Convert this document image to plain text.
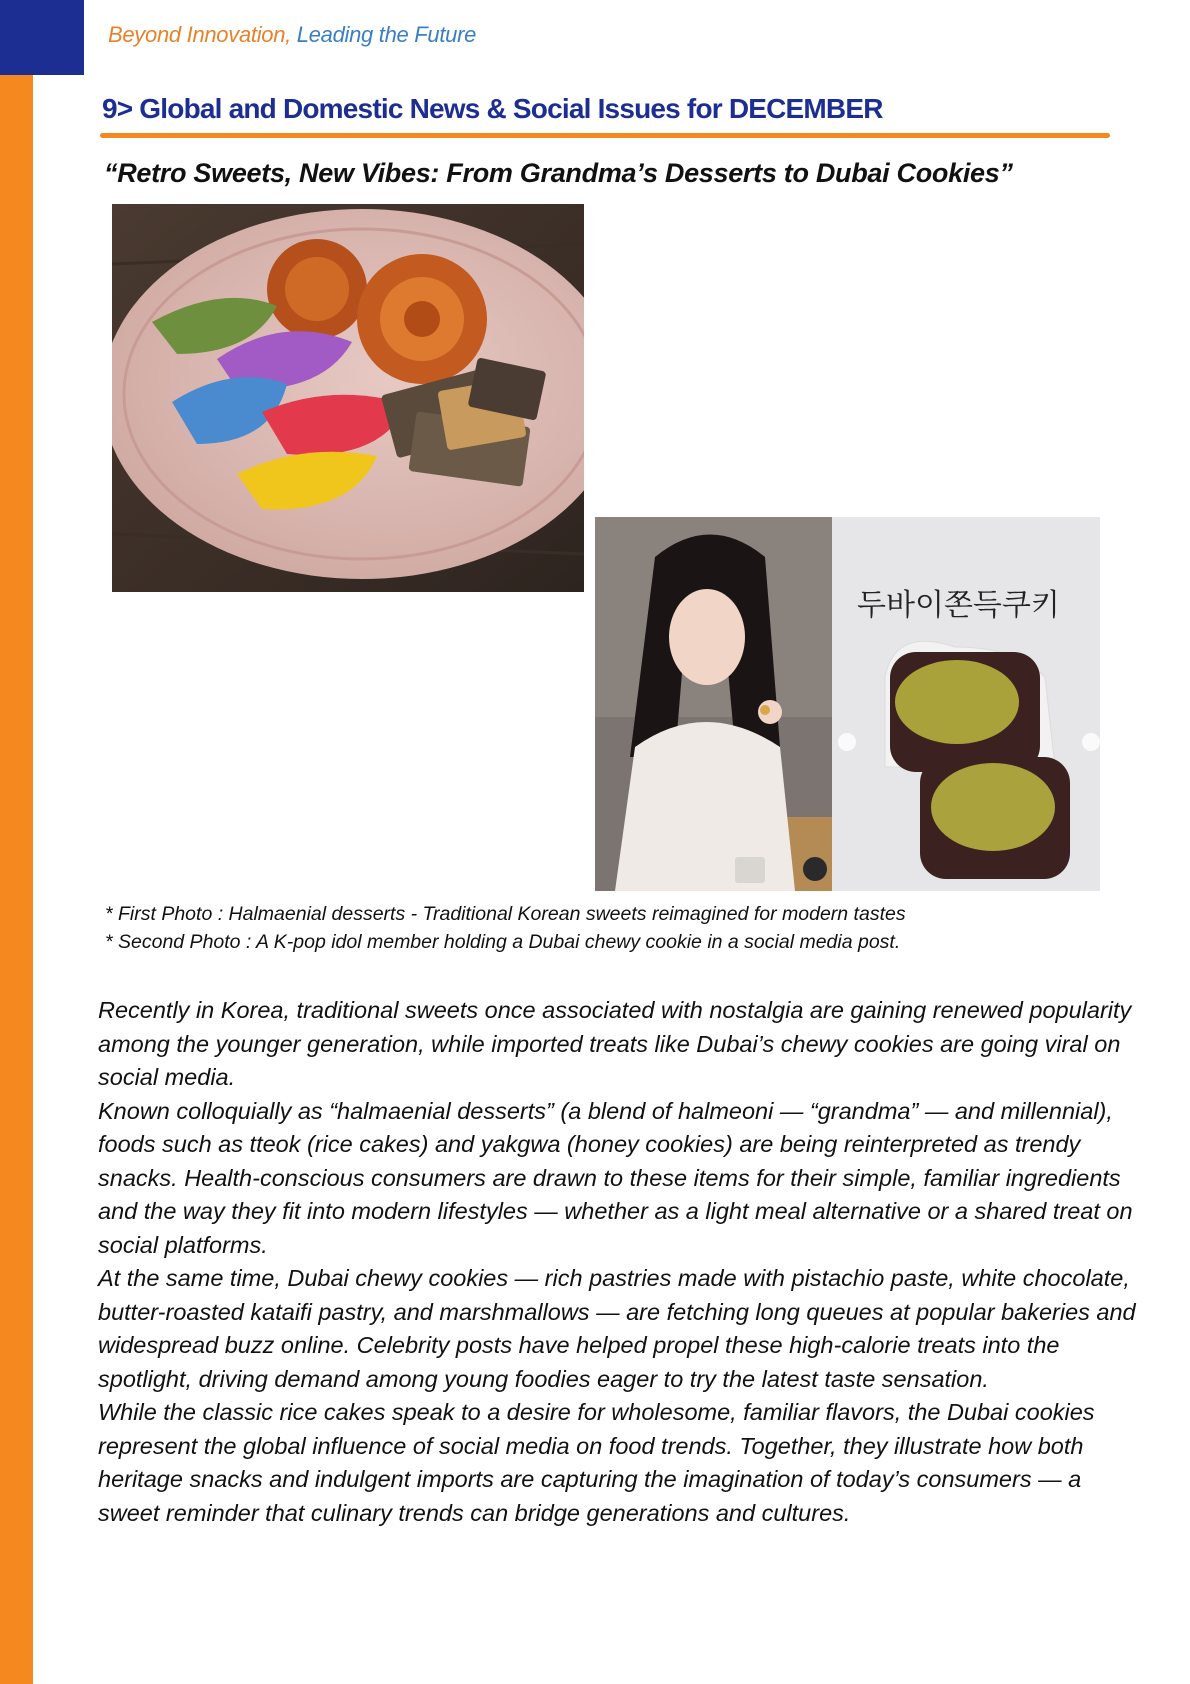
Beyond Innovation, Leading the Future
9> Global and Domestic News & Social Issues for DECEMBER
“Retro Sweets, New Vibes: From Grandma’s Desserts to Dubai Cookies”
두바이쫀득쿠키
* First Photo : Halmaenial desserts - Traditional Korean sweets reimagined for modern tastes
* Second Photo : A K-pop idol member holding a Dubai chewy cookie in a social media post.

Recently in Korea, traditional sweets once associated with nostalgia are gaining renewed popularity among the younger generation, while imported treats like Dubai’s chewy cookies are going viral on social media.

Known colloquially as “halmaenial desserts” (a blend of halmeoni — “grandma” — and millennial), foods such as tteok (rice cakes) and yakgwa (honey cookies) are being reinterpreted as trendy snacks. Health-conscious consumers are drawn to these items for their simple, familiar ingredients and the way they fit into modern lifestyles — whether as a light meal alternative or a shared treat on social platforms.

At the same time, Dubai chewy cookies — rich pastries made with pistachio paste, white chocolate, butter-roasted kataifi pastry, and marshmallows — are fetching long queues at popular bakeries and widespread buzz online. Celebrity posts have helped propel these high-calorie treats into the spotlight, driving demand among young foodies eager to try the latest taste sensation.

While the classic rice cakes speak to a desire for wholesome, familiar flavors, the Dubai cookies represent the global influence of social media on food trends. Together, they illustrate how both heritage snacks and indulgent imports are capturing the imagination of today’s consumers — a sweet reminder that culinary trends can bridge generations and cultures.
